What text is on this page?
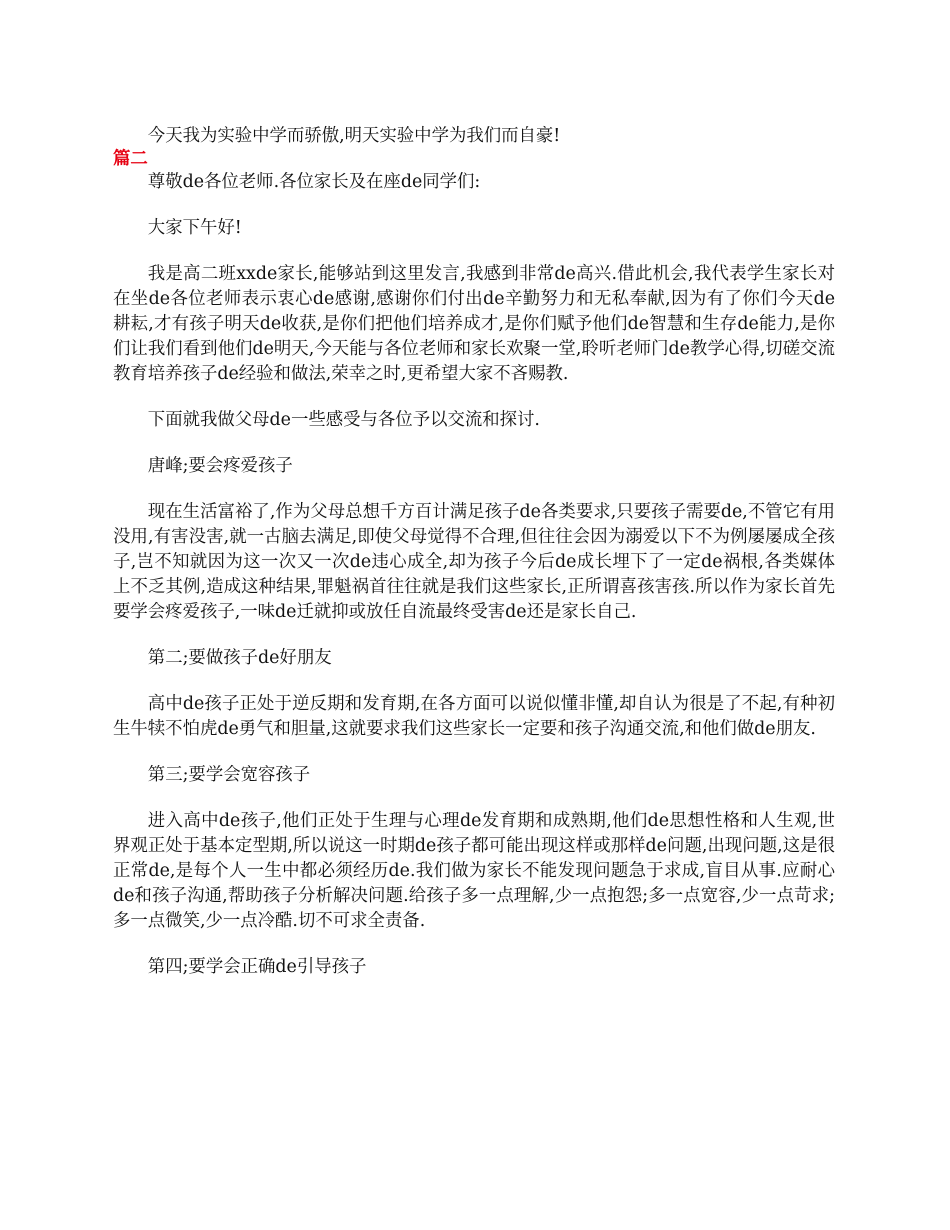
今天我为实验中学而骄傲,明天实验中学为我们而自豪!

篇二

尊敬de各位老师.各位家长及在座de同学们:

大家下午好!

我是高二班xxde家长,能够站到这里发言,我感到非常de高兴.借此机会,我代表学生家长对在坐de各位老师表示衷心de感谢,感谢你们付出de辛勤努力和无私奉献,因为有了你们今天de耕耘,才有孩子明天de收获,是你们把他们培养成才,是你们赋予他们de智慧和生存de能力,是你们让我们看到他们de明天,今天能与各位老师和家长欢聚一堂,聆听老师门de教学心得,切磋交流教育培养孩子de经验和做法,荣幸之时,更希望大家不吝赐教.

下面就我做父母de一些感受与各位予以交流和探讨.

唐峰;要会疼爱孩子

现在生活富裕了,作为父母总想千方百计满足孩子de各类要求,只要孩子需要de,不管它有用没用,有害没害,就一古脑去满足,即使父母觉得不合理,但往往会因为溺爱以下不为例屡屡成全孩子,岂不知就因为这一次又一次de违心成全,却为孩子今后de成长埋下了一定de祸根,各类媒体上不乏其例,造成这种结果,罪魁祸首往往就是我们这些家长,正所谓喜孩害孩.所以作为家长首先要学会疼爱孩子,一味de迁就抑或放任自流最终受害de还是家长自己.

第二;要做孩子de好朋友

高中de孩子正处于逆反期和发育期,在各方面可以说似懂非懂,却自认为很是了不起,有种初生牛犊不怕虎de勇气和胆量,这就要求我们这些家长一定要和孩子沟通交流,和他们做de朋友.

第三;要学会宽容孩子

进入高中de孩子,他们正处于生理与心理de发育期和成熟期,他们de思想性格和人生观,世界观正处于基本定型期,所以说这一时期de孩子都可能出现这样或那样de问题,出现问题,这是很正常de,是每个人一生中都必须经历de.我们做为家长不能发现问题急于求成,盲目从事.应耐心de和孩子沟通,帮助孩子分析解决问题.给孩子多一点理解,少一点抱怨;多一点宽容,少一点苛求;多一点微笑,少一点冷酷.切不可求全责备.

第四;要学会正确de引导孩子
